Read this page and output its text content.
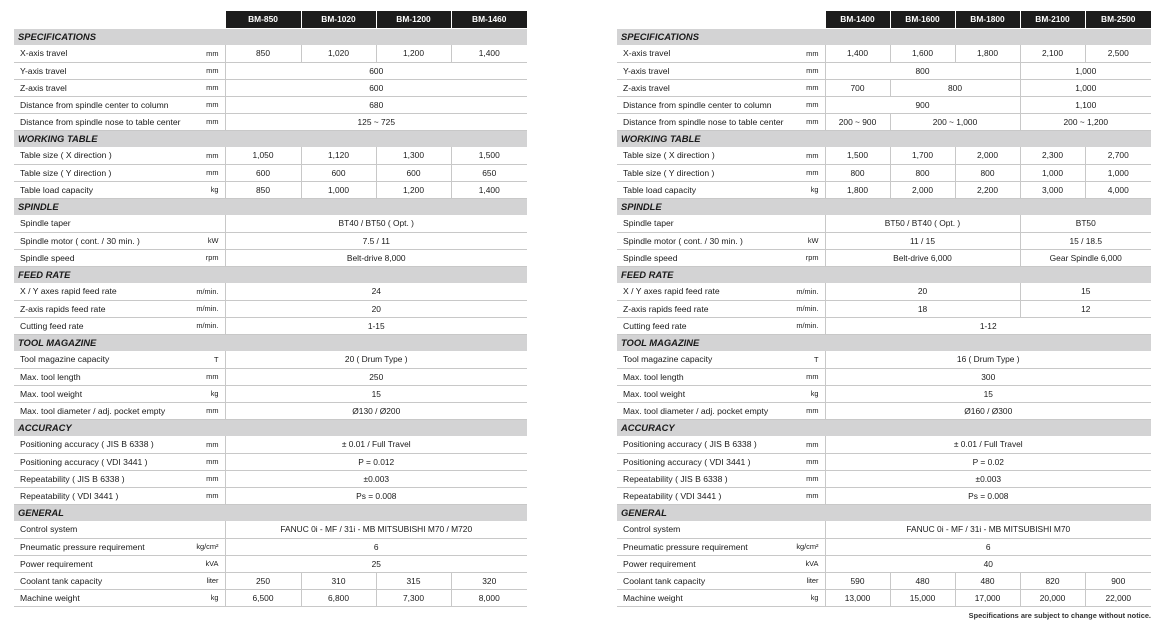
		BM-850	BM-1020	BM-1200	BM-1460
SPECIFICATIONS					
X-axis travel	mm	850	1,020	1,200	1,400
Y-axis travel	mm	600			
Z-axis travel	mm	600			
Distance from spindle center to column	mm	680			
Distance from spindle nose to table center	mm	125 ~ 725			
WORKING TABLE					
Table size ( X direction )	mm	1,050	1,120	1,300	1,500
Table size ( Y direction )	mm	600	600	600	650
Table load capacity	kg	850	1,000	1,200	1,400
SPINDLE					
Spindle taper		BT40 / BT50 ( Opt. )			
Spindle motor ( cont. / 30 min. )	kW	7.5 / 11			
Spindle speed	rpm	Belt-drive 8,000			
FEED RATE					
X / Y axes rapid feed rate	m/min.	24			
Z-axis rapids feed rate	m/min.	20			
Cutting feed rate	m/min.	1-15			
TOOL MAGAZINE					
Tool magazine capacity	T	20 ( Drum Type )			
Max. tool length	mm	250			
Max. tool weight	kg	15			
Max. tool diameter / adj. pocket empty	mm	Ø130 / Ø200			
ACCURACY					
Positioning accuracy ( JIS B 6338 )	mm	± 0.01 / Full Travel			
Positioning accuracy ( VDI 3441 )	mm	P = 0.012			
Repeatability ( JIS B 6338 )	mm	±0.003			
Repeatability ( VDI 3441 )	mm	Ps = 0.008			
GENERAL					
Control system		FANUC 0i - MF / 31i - MB MITSUBISHI M70 / M720			
Pneumatic pressure requirement	kg/cm²	6			
Power requirement	kVA	25			
Coolant tank capacity	liter	250	310	315	320
Machine weight	kg	6,500	6,800	7,300	8,000
		BM-1400	BM-1600	BM-1800	BM-2100	BM-2500
SPECIFICATIONS						
X-axis travel	mm	1,400	1,600	1,800	2,100	2,500
Y-axis travel	mm	800			1,000	
Z-axis travel	mm	700	800		1,000	
Distance from spindle center to column	mm	900			1,100	
Distance from spindle nose to table center	mm	200 ~ 900	200 ~ 1,000		200 ~ 1,200	
WORKING TABLE						
Table size ( X direction )	mm	1,500	1,700	2,000	2,300	2,700
Table size ( Y direction )	mm	800	800	800	1,000	1,000
Table load capacity	kg	1,800	2,000	2,200	3,000	4,000
SPINDLE						
Spindle taper		BT50 / BT40 ( Opt. )			BT50	
Spindle motor ( cont. / 30 min. )	kW	11 / 15			15 / 18.5	
Spindle speed	rpm	Belt-drive 6,000			Gear Spindle 6,000	
FEED RATE						
X / Y axes rapid feed rate	m/min.	20			15	
Z-axis rapids feed rate	m/min.	18			12	
Cutting feed rate	m/min.	1-12				
TOOL MAGAZINE						
Tool magazine capacity	T	16 ( Drum Type )				
Max. tool length	mm	300				
Max. tool weight	kg	15				
Max. tool diameter / adj. pocket empty	mm	Ø160 / Ø300				
ACCURACY						
Positioning accuracy ( JIS B 6338 )	mm	± 0.01 / Full Travel				
Positioning accuracy ( VDI 3441 )	mm	P = 0.02				
Repeatability ( JIS B 6338 )	mm	±0.003				
Repeatability ( VDI 3441 )	mm	Ps = 0.008				
GENERAL						
Control system		FANUC 0i - MF / 31i - MB MITSUBISHI M70				
Pneumatic pressure requirement	kg/cm²	6				
Power requirement	kVA	40				
Coolant tank capacity	liter	590	480	480	820	900
Machine weight	kg	13,000	15,000	17,000	20,000	22,000
Specifications are subject to change without notice.
